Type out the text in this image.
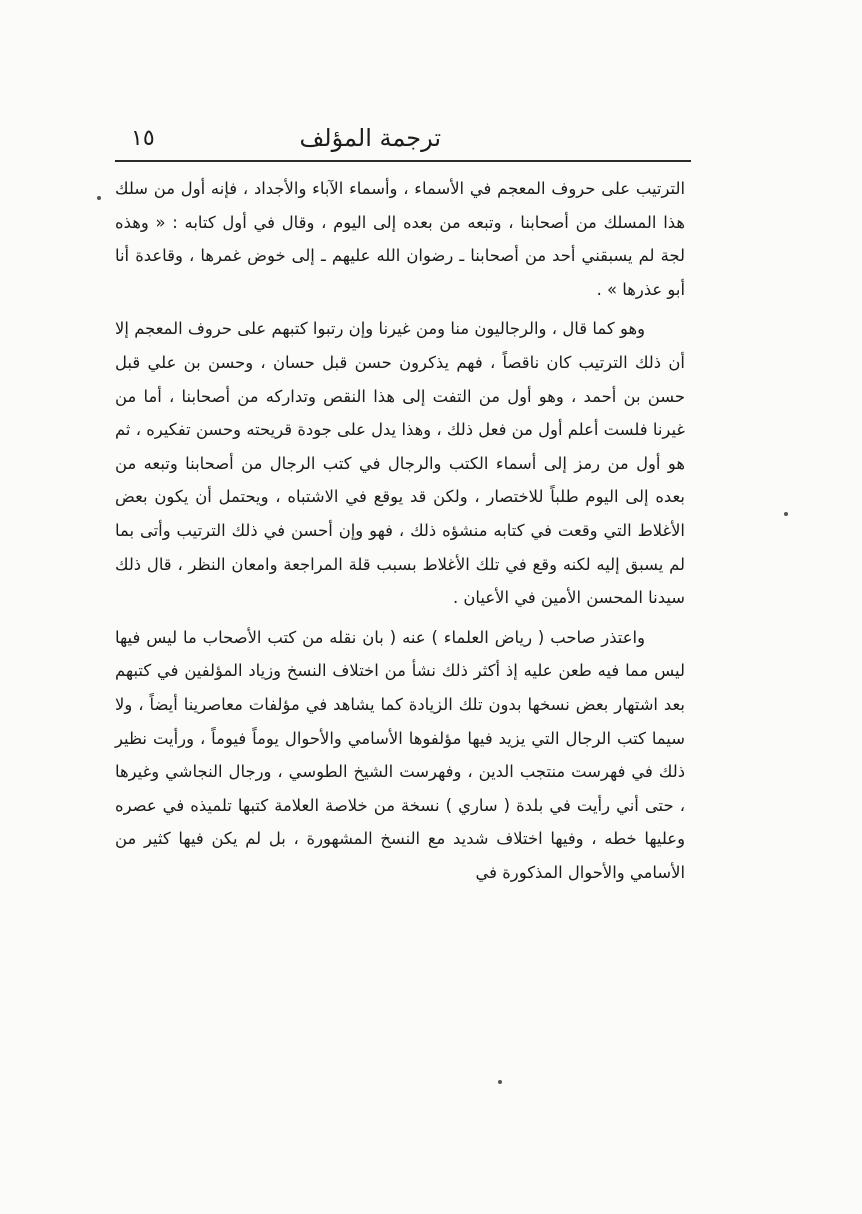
ترجمة المؤلف
١٥

الترتيب على حروف المعجم في الأسماء ، وأسماء الآباء والأجداد ، فإنه أول من سلك هذا المسلك من أصحابنا ، وتبعه من بعده إلى اليوم ، وقال في أول كتابه : « وهذه لجة لم يسبقني أحد من أصحابنا ـ رضوان الله عليهم ـ إلى خوض غمرها ، وقاعدة أنا أبو عذرها » .

وهو كما قال ، والرجاليون منا ومن غيرنا وإن رتبوا كتبهم على حروف المعجم إلا أن ذلك الترتيب كان ناقصاً ، فهم يذكرون حسن قبل حسان ، وحسن بن علي قبل حسن بن أحمد ، وهو أول من التفت إلى هذا النقص وتداركه من أصحابنا ، أما من غيرنا فلست أعلم أول من فعل ذلك ، وهذا يدل على جودة قريحته وحسن تفكيره ، ثم هو أول من رمز إلى أسماء الكتب والرجال في كتب الرجال من أصحابنا وتبعه من بعده إلى اليوم طلباً للاختصار ، ولكن قد يوقع في الاشتباه ، ويحتمل أن يكون بعض الأغلاط التي وقعت في كتابه منشؤه ذلك ، فهو وإن أحسن في ذلك الترتيب وأتى بما لم يسبق إليه لكنه وقع في تلك الأغلاط بسبب قلة المراجعة وامعان النظر ، قال ذلك سيدنا المحسن الأمين في الأعيان .

واعتذر صاحب ( رياض العلماء ) عنه ( بان نقله من كتب الأصحاب ما ليس فيها ليس مما فيه طعن عليه إذ أكثر ذلك نشأ من اختلاف النسخ وزياد المؤلفين في كتبهم بعد اشتهار بعض نسخها بدون تلك الزيادة كما يشاهد في مؤلفات معاصرينا أيضاً ، ولا سيما كتب الرجال التي يزيد فيها مؤلفوها الأسامي والأحوال يوماً فيوماً ، ورأيت نظير ذلك في فهرست منتجب الدين ، وفهرست الشيخ الطوسي ، ورجال النجاشي وغيرها ، حتى أني رأيت في بلدة ( ساري ) نسخة من خلاصة العلامة كتبها تلميذه في عصره وعليها خطه ، وفيها اختلاف شديد مع النسخ المشهورة ، بل لم يكن فيها كثير من الأسامي والأحوال المذكورة في
